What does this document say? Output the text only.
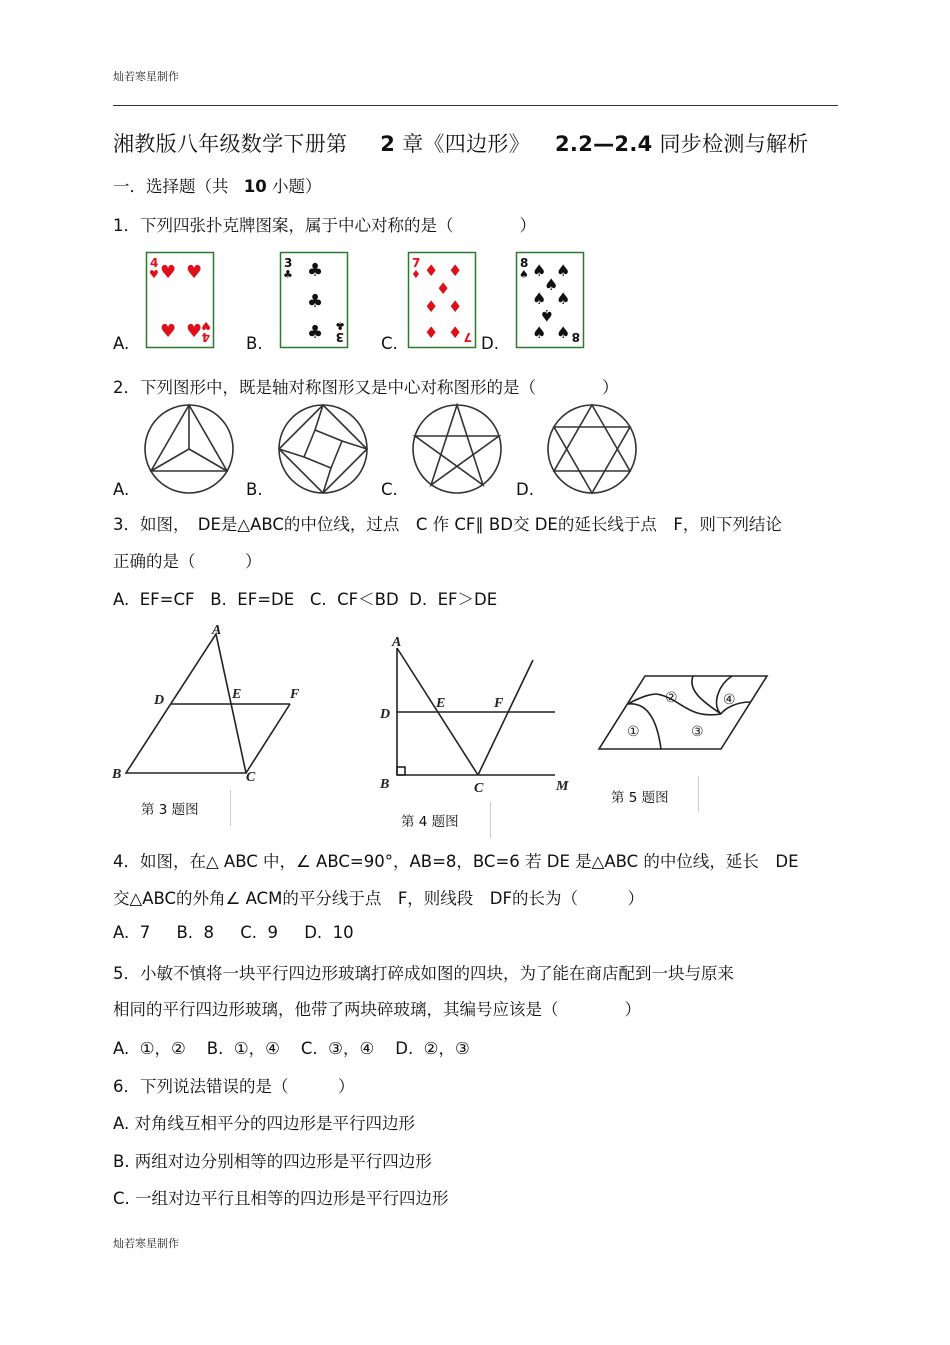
灿若寒星制作
湘教版八年级数学下册第 2 章《四边形》 2.2—2.4 同步检测与解析
一．选择题（共 10 小题）
1．下列四张扑克牌图案，属于中心对称的是（　　　　）
A.	B.	C.	D.
4
♥ ♥ ♥
4
♥
♥ ♥
3
♣ ♣
♣
♣ 3
♣
7
♦ ♦ ♦
♦
♦ ♦
♦ ♦ 7
8
♠ ♠ ♠
♠
♠ ♠
♠
♠ ♠ 8
2．下列图形中，既是轴对称图形又是中心对称图形的是（　　　　）
A.	B.	C.	D.
3．如图，　DE是△ABC的中位线，过点　C 作 CF∥ BD交 DE的延长线于点　F，则下列结论
正确的是（　　　）
A.  EF=CF   B.  EF=DE   C.  CF＜BD  D.  EF＞DE
A
D	E	F
B	C
第 3 题图
A
D
E	F
B	C	M
第 4 题图
①
②
③
④
第 5 题图
4．如图，在△ ABC 中，∠ ABC=90°，AB=8，BC=6 若 DE 是△ABC 的中位线，延长　DE
交△ABC的外角∠ ACM的平分线于点　F，则线段　DF的长为（　　　）
A.  7     B.  8     C.  9     D.  10
5．小敏不慎将一块平行四边形玻璃打碎成如图的四块，为了能在商店配到一块与原来
相同的平行四边形玻璃，他带了两块碎玻璃，其编号应该是（　　　　）
A.  ①，②    B.  ①，④    C.  ③，④    D.  ②，③
6．下列说法错误的是（　　　）
A. 对角线互相平分的四边形是平行四边形
B. 两组对边分别相等的四边形是平行四边形
C. 一组对边平行且相等的四边形是平行四边形
灿若寒星制作
